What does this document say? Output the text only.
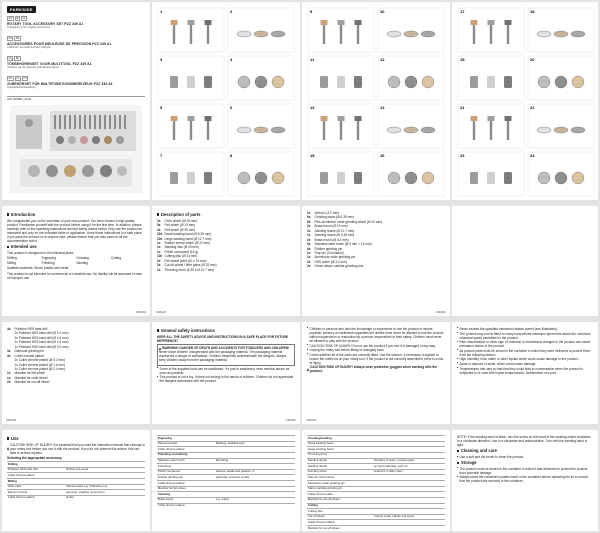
PARKSIDE
GB	IE	NI
ROTARY TOOL ACCESSORY SET PZZ 349 A1
Translation of the original instructions
FR	BE
ACCESSOIRES POUR MEULEUSE DE PRÉCISION PZZ 349 A1
Traduction du mode d'emploi d'origine
NL	BE
TOEBEHORENSET VOOR MULTITOOL PZZ 349 A1
Vertaling van de originele gebruiksaanwijzing
DE	AT	CH
ZUBEHÖRSET FÜR MULTIFUNKTIONSWERKZEUG PZZ 349 A1
Originalbetriebsanleitung
IAN 409592_2204
1	2
3	4
5	6
7	8
9	10
11	12
13	14
15	16
17	18
19	20
21	22
23	24
Introduction

We congratulate you on the purchase of your new product. You have chosen a high quality product. Familiarise yourself with the product before using it for the first time. In addition, please carefully refer to the operating instructions and the safety advice below. Only use the product as instructed and only for the indicated fields of application. Keep these instructions in a safe place. If you pass the product on to anyone else, please ensure that you also pass on all the documentation with it.

Intended use

This product is designed for the following tasks:

Drilling	Engraving	Cleaning	Cutting
Milling	Polishing	Sanding

Suitable materials: Wood, plastic and metal.

This product is not intended for commercial or industrial use. No liability will be assumed in case of improper use.

GB/IE/NI
Description of parts
2x	Cloth wheel (Ø 25 mm)
5x	Felt wheel (Ø 13 mm)
4x	Felt wheel (Ø 25 mm)
20x Small sanding band (Ø 6.35 mm)
10x Large sanding band (Ø 12.7 mm)
1x	Rubber emery wheel (Ø 22 mm)
1x	Sanding disc (Ø 25 mm)
1x	Polish compound (15 g)
10x Cutting disc (Ø 24 mm)
2x	Felt wheel point (10 x 15 mm)
2x	Cut-off wheel / fibre glass (Ø 32 mm)
1x	Trimming drum (6.35 x Ø 12.7 mm)
GB/IE/NI
1x	Wrench (3.2 mm)
6x	Grinding stone (Ø 6.35 mm)
6x	Pink aluminium oxide grinding wheel (Ø 20 mm)
2x	Brass brush (Ø 19 mm)
1x	Sanding shank (Ø 12.7 mm)
1x	Sanding shank (Ø 6.35 mm)
2x	Brass brush (Ø 3.2 mm)
3x	Stainless steel brush (Ø 3 mm + 13 mm)
6x	Rubber grinding pin
1x	Flap pin (Corundum)
1x	Aluminium oxide grinding pin
2x	HSS cutter (Ø 3.2 mm)
2x	Green silicon carbide grinding pins
GB/IE/NI
4x	Polished HSS twist drill
2x Polished HSS twist drill (Ø 1.0 mm)
2x Polished HSS twist drill (Ø 1.6 mm)
1x Polished HSS twist drill (Ø 2.4 mm)
1x Polished HSS twist drill (Ø 3.2 mm)
3x	Diamond grinding bit
4x	Collet chrome plated
2x Collet chrome plated (Ø 3.2 mm)
1x Collet chrome plated (Ø 1.6 mm)
1x Collet chrome plated (Ø 2.4 mm)
1x	Mandrel for felt wheel
1x	Mandrel for cloth wheel
2x	Mandrel for cut-off wheel
GB/IE/NI
General safety instructions

KEEP ALL THE SAFETY ADVICE AND INSTRUCTIONS IN A SAFE PLACE FOR FUTURE REFERENCE!

WARNING! DANGER OF DEATH AND ACCIDENTS FOR TODDLERS AND CHILDREN!

Never leave children unsupervised with the packaging material. The packaging material represents a danger of suffocation. Children frequently underestimate the dangers. Always keep children away from the packaging material.

■ Some of the supplied tools can be swallowed. If a part is swallowed, seek medical advice as soon as possible.
■ This product is not a toy. It does not belong in the hands of children. Children do not appreciate the dangers associated with the product.
GB/IE/NI
■ Children or persons who lack the knowledge or experience to use the product or whose physical, sensory or intellectual capacities are limited must never be allowed to use the product without supervision or instruction by a person responsible for their safety. Children must never be allowed to play with the product.
■ CAUTION! RISK OF INJURY! Do not use the product if you see it is damaged in any way.
■ Unplug the rotary tool before fitting or changing tools.
■ Check whether all of the parts are correctly fitted. Use the wrench. If necessary re-tighten or loosen the collet nut on your rotary tool. If the product is not correctly assembled, there is a risk of injury.
CAUTION! RISK OF INJURY! Always wear protective goggles when working with the product.
GB/IE/NI
■ Never exceed the specified maximum rotation speed (see illustration).
■ The product may not be fitted to rotary tools whose maximum speed lies above the maximum rotational speed permitted for the product.
■ Risk: discoloration or other sign of chemical or mechanical changes in the product can cause premature failure of the product.
■ All product parts must be stored in the container in which they were delivered to protect them from the following factors:
■ High humidity, heat, water or other liquids which could cause damage to the product.
■ Acids or vapours of acids, which could cause damage.
■ Temperatures that vary so fast that they could lead to condensation when the product is subjected to or uses with higher temperatures. Deformation of a part.
Use
CAUTION! RISK OF INJURY! It is essential that you read the instruction manual that belongs to your rotary tool before you use it with the product. If you do not observe this advice, this can lead to serious injuries.

Selecting the appropriate accessory

Drilling	
Polished HSS twist drill	Drilling into wood
Collet chrome plated	
Milling	
HSS cutter	Various tasks e.g. hollowing out,
Diamond cutter	grooving, shaping, grooving in
Collet chrome plated	timber
Engraving	
Diamond cutter	Marking, detailed work
Collet chrome plated	
Polishing, burnishing	
Stainless steel brush	Derusting
Felt wheel	
Polish compound	Various metals and plastics, in
Rubber grinding pin	particular, precious metals
Collet chrome plated	
Mandrel for felt wheel	
Cleaning	
Brass brush	e.g. metal
Collet chrome plated	
Grinding/sanding	
Small sanding band	
Large sanding band	
Trimming drum	
Sanding shank	Grinding of stone, precise tasks
Sanding shank	on hard materials, such as
Grinding stone	ceramics or alloy steel
Flap pin (Corundum)	
Aluminium oxide grinding pin	
Silicon carbide grinding pin	
Collet chrome plate	
Mandrel for cut-off wheel	
Cutting	
Cutting disc	
Cut-off wheel	Cutting metal, plastic and wood
Collet chrome plated	
Mandrel for cut-off wheel	

NOTE: If the sanding band is slack, turn the screw on the head of the sanding shank clockwise. In a clockwise direction. Use in a clockwise and anticlockwise. Turn until the sanding band is tight.

Cleaning and care
■ Use a soft and dry brush to clean the product.
Storage
■ The product must be stored in the container in which it was delivered to protect the product from potential damage.
■ Always place the container's plastic insert in the container before replacing the lid to ensure that the product sits securely in the container.
